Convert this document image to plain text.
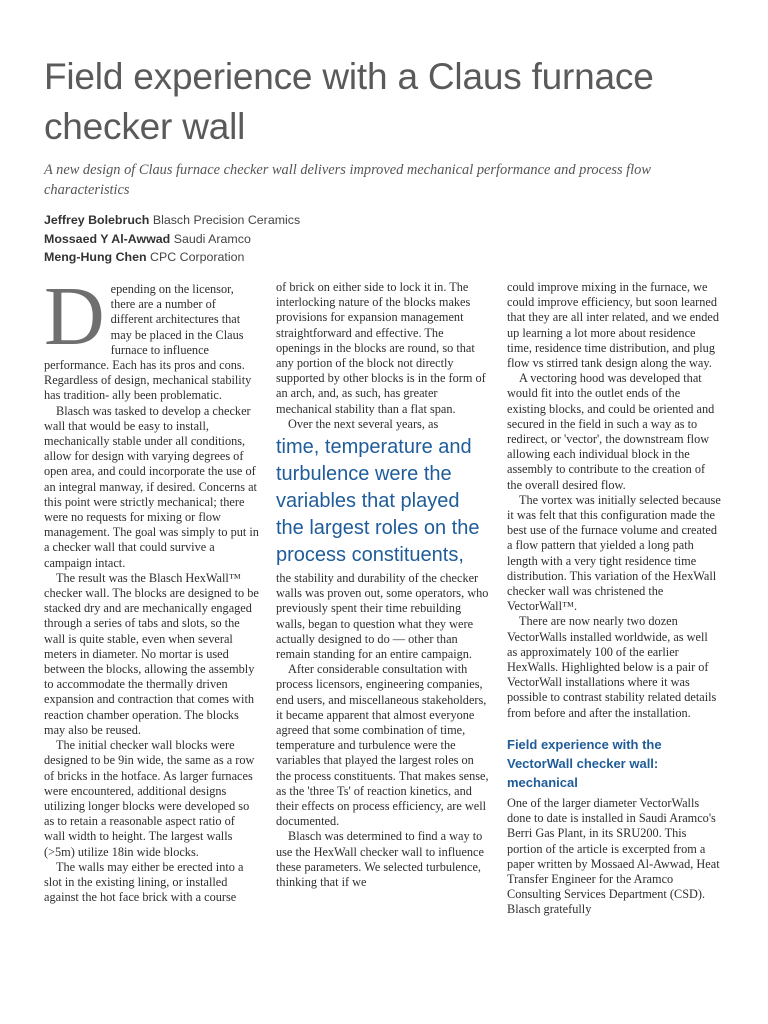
Field experience with a Claus furnace checker wall
A new design of Claus furnace checker wall delivers improved mechanical performance and process flow characteristics
Jeffrey Bolebruch Blasch Precision Ceramics
Mossaed Y Al-Awwad Saudi Aramco
Meng-Hung Chen CPC Corporation

Depending on the licensor, there are a number of different architectures that may be placed in the Claus furnace to influence performance. Each has its pros and cons. Regardless of design, mechanical stability has tradition- ally been problematic.

Blasch was tasked to develop a checker wall that would be easy to install, mechanically stable under all conditions, allow for design with varying degrees of open area, and could incorporate the use of an integral manway, if desired. Concerns at this point were strictly mechanical; there were no requests for mixing or flow management. The goal was simply to put in a checker wall that could survive a campaign intact.

The result was the Blasch HexWall™ checker wall. The blocks are designed to be stacked dry and are mechanically engaged through a series of tabs and slots, so the wall is quite stable, even when several meters in diameter. No mortar is used between the blocks, allowing the assembly to accommodate the thermally driven expansion and contraction that comes with reaction chamber operation. The blocks may also be reused.

The initial checker wall blocks were designed to be 9in wide, the same as a row of bricks in the hotface. As larger furnaces were encountered, additional designs utilizing longer blocks were developed so as to retain a reasonable aspect ratio of wall width to height. The largest walls (>5m) utilize 18in wide blocks.

The walls may either be erected into a slot in the existing lining, or installed against the hot face brick with a course

of brick on either side to lock it in. The interlocking nature of the blocks makes provisions for expansion management straightforward and effective. The openings in the blocks are round, so that any portion of the block not directly supported by other blocks is in the form of an arch, and, as such, has greater mechanical stability than a flat span.

Over the next several years, as

time, temperature and turbulence were the variables that played the largest roles on the process constituents,

the stability and durability of the checker walls was proven out, some operators, who previously spent their time rebuilding walls, began to question what they were actually designed to do — other than remain standing for an entire campaign.

After considerable consultation with process licensors, engineering companies, end users, and miscellaneous stakeholders, it became apparent that almost everyone agreed that some combination of time, temperature and turbulence were the variables that played the largest roles on the process constituents. That makes sense, as the 'three Ts' of reaction kinetics, and their effects on process efficiency, are well documented.

Blasch was determined to find a way to use the HexWall checker wall to influence these parameters. We selected turbulence, thinking that if we

could improve mixing in the furnace, we could improve efficiency, but soon learned that they are all inter related, and we ended up learning a lot more about residence time, residence time distribution, and plug flow vs stirred tank design along the way.

A vectoring hood was developed that would fit into the outlet ends of the existing blocks, and could be oriented and secured in the field in such a way as to redirect, or 'vector', the downstream flow allowing each individual block in the assembly to contribute to the creation of the overall desired flow.

The vortex was initially selected because it was felt that this configuration made the best use of the furnace volume and created a flow pattern that yielded a long path length with a very tight residence time distribution. This variation of the HexWall checker wall was christened the VectorWall™.

There are now nearly two dozen VectorWalls installed worldwide, as well as approximately 100 of the earlier HexWalls. Highlighted below is a pair of VectorWall installations where it was possible to contrast stability related details from before and after the installation.

Field experience with the VectorWall checker wall: mechanical

One of the larger diameter VectorWalls done to date is installed in Saudi Aramco's Berri Gas Plant, in its SRU200. This portion of the article is excerpted from a paper written by Mossaed Al-Awwad, Heat Transfer Engineer for the Aramco Consulting Services Department (CSD). Blasch gratefully
